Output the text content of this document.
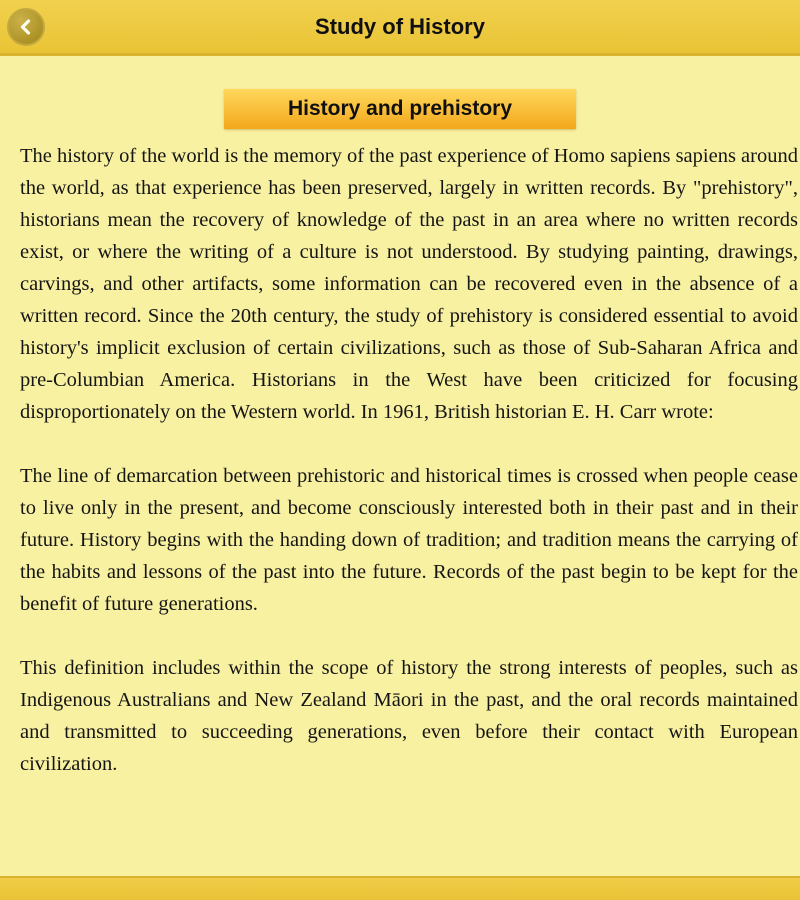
Study of History
History and prehistory

The history of the world is the memory of the past experience of Homo sapiens sapiens around the world, as that experience has been preserved, largely in written records. By "prehistory", historians mean the recovery of knowledge of the past in an area where no written records exist, or where the writing of a culture is not understood. By studying painting, drawings, carvings, and other artifacts, some information can be recovered even in the absence of a written record. Since the 20th century, the study of prehistory is considered essential to avoid history's implicit exclusion of certain civilizations, such as those of Sub-Saharan Africa and pre-Columbian America. Historians in the West have been criticized for focusing disproportionately on the Western world. In 1961, British historian E. H. Carr wrote:

The line of demarcation between prehistoric and historical times is crossed when people cease to live only in the present, and become consciously interested both in their past and in their future. History begins with the handing down of tradition; and tradition means the carrying of the habits and lessons of the past into the future. Records of the past begin to be kept for the benefit of future generations.

This definition includes within the scope of history the strong interests of peoples, such as Indigenous Australians and New Zealand Māori in the past, and the oral records maintained and transmitted to succeeding generations, even before their contact with European civilization.
